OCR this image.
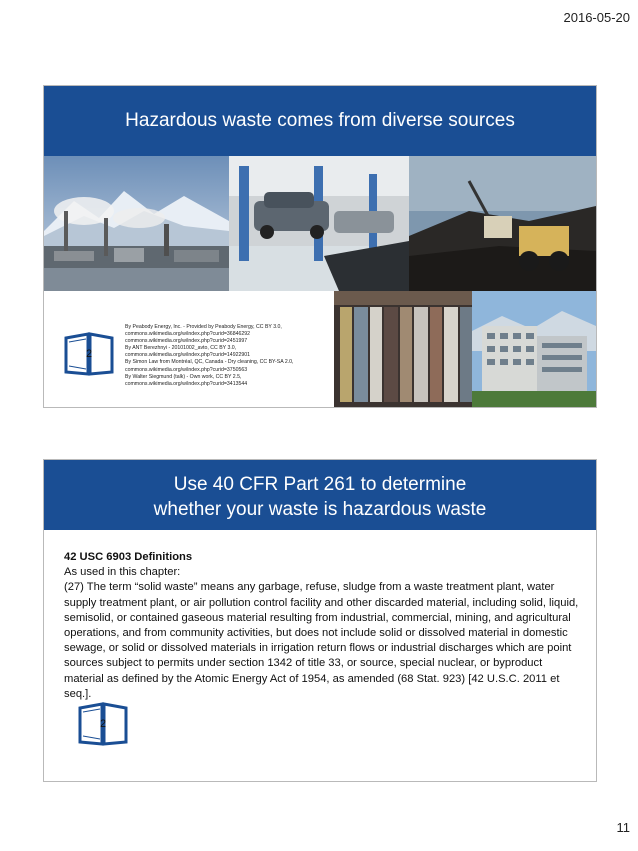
2016-05-20
Hazardous waste comes from diverse sources
2
By Peabody Energy, Inc. - Provided by Peabody Energy, CC BY 3.0,
commons.wikimedia.org/w/index.php?curid=36846292
commons.wikimedia.org/w/index.php?curid=2451997
By ANT Berezhnyi - 20101002_avto, CC BY 3.0,
commons.wikimedia.org/w/index.php?curid=14922901
By Simon Law from Montréal, QC, Canada - Dry cleaning, CC BY-SA 2.0,
commons.wikimedia.org/w/index.php?curid=3750563
By Walter Siegmund (talk) - Own work, CC BY 2.5,
commons.wikimedia.org/w/index.php?curid=3413544
Use 40 CFR Part 261 to determine
whether your waste is hazardous waste
42 USC 6903 Definitions
As used in this chapter:
(27) The term “solid waste” means any garbage, refuse, sludge from a waste treatment plant, water supply treatment plant, or air pollution control facility and other discarded material, including solid, liquid, semisolid, or contained gaseous material resulting from industrial, commercial, mining, and agricultural operations, and from community activities, but does not include solid or dissolved material in domestic sewage, or solid or dissolved materials in irrigation return flows or industrial discharges which are point sources subject to permits under section 1342 of title 33, or source, special nuclear, or byproduct material as defined by the Atomic Energy Act of 1954, as amended (68 Stat. 923) [42 U.S.C. 2011 et seq.].
2
11
